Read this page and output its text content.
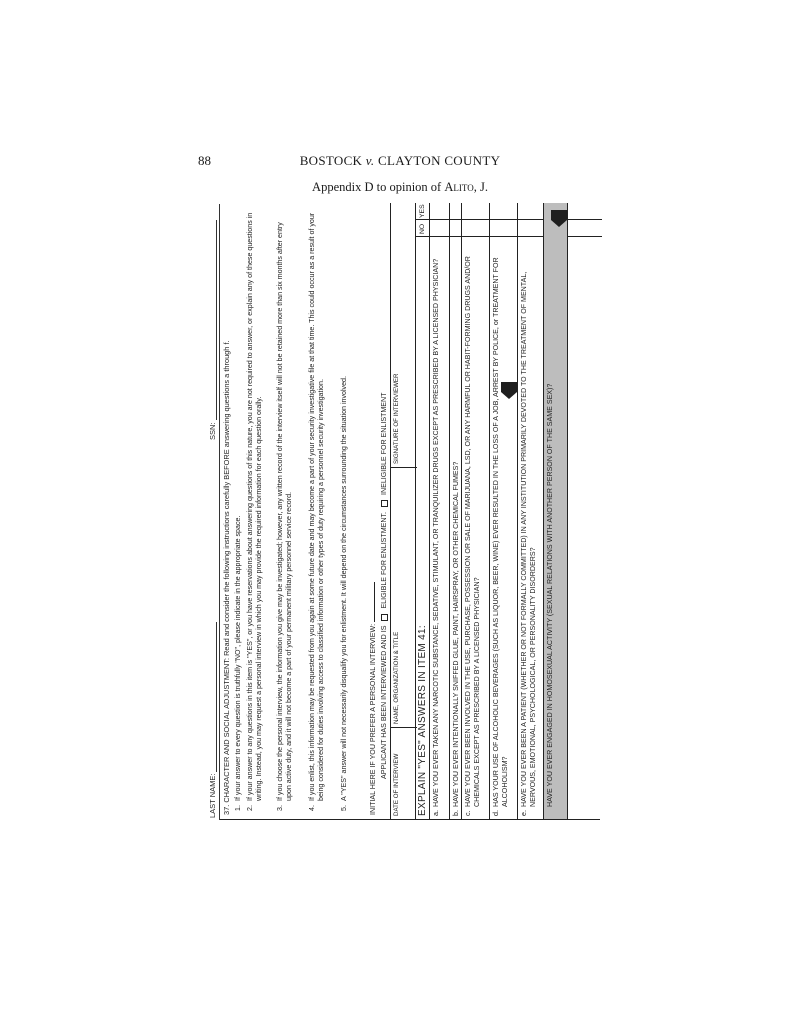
88	BOSTOCK v. CLAYTON COUNTY
Appendix D to opinion of Alito, J.
LAST NAME:
SSN: 37. CHARACTER AND SOCIAL ADJUSTMENT: Read and consider the following instructions carefully BEFORE answering questions a through f. 1.
If your answer to every question is truthfully "NO", please indicate in the appropriate space.
2.
If your answer to any questions in this item is "YES", or you have reservations about answering questions of this nature, you are not required to answer, or explain any of these questions in writing. Instead, you may request a personal interview in which you may provide the required information for each question orally.
3.
If you choose the personal interview, the information you give may be investigated; however, any written record of the interview itself will not be retained more than six months after entry upon active duty, and it will not become a part of your permanent military personnel service record.
4.
If you enlist, this information may be requested from you again at some future date and may become a part of your security investigative file at that time. This could occur as a result of your being considered for duties involving access to classified information or other types of duty requiring a personnel security investigation.
5.
A "YES" answer will not necessarily disqualify you for enlistment. It will depend on the circumstances surrounding the situation involved.	INITIAL HERE IF YOU PREFER A PERSONAL INTERVIEW: APPLICANT HAS BEEN INTERVIEWED AND IS  ELIGIBLE FOR ENLISTMENT.  INELIGIBLE FOR ENLISTMENT
DATE OF INTERVIEW
NAME, ORGANIZATION & TITLE
SIGNATURE OF INTERVIEWER
EXPLAIN "YES" ANSWERS IN ITEM 41:
NO
YES
a.
HAVE YOU EVER TAKEN ANY NARCOTIC SUBSTANCE, SEDATIVE, STIMULANT, OR TRANQUILIZER DRUGS EXCEPT AS PRESCRIBED BY A LICENSED PHYSICIAN?
b.
HAVE YOU EVER INTENTIONALLY SNIFFED GLUE, PAINT, HAIRSPRAY, OR OTHER CHEMICAL FUMES?
c.
HAVE YOU EVER BEEN INVOLVED IN THE USE, PURCHASE, POSSESSION OR SALE OF MARIJUANA, LSD, OR ANY HARMFUL OR HABIT-FORMING DRUGS AND/OR CHEMICALS EXCEPT AS PRESCRIBED BY A LICENSED PHYSICIAN?
d.
HAS YOUR USE OF ALCOHOLIC BEVERAGES (SUCH AS LIQUOR, BEER, WINE) EVER RESULTED IN THE LOSS OF A JOB, ARREST BY POLICE, or TREATMENT FOR ALCOHOLISM?
e.
HAVE YOU EVER BEEN A PATIENT (WHETHER OR NOT FORMALLY COMMITTED) IN ANY INSTITUTION PRIMARILY DEVOTED TO THE TREATMENT OF MENTAL, NERVOUS, EMOTIONAL, PSYCHOLOGICAL, OR PERSONALITY DISORDERS? HAVE YOU EVER ENGAGED IN HOMOSEXUAL ACTIVITY (SEXUAL RELATIONS WITH ANOTHER PERSON OF THE SAME SEX)?
